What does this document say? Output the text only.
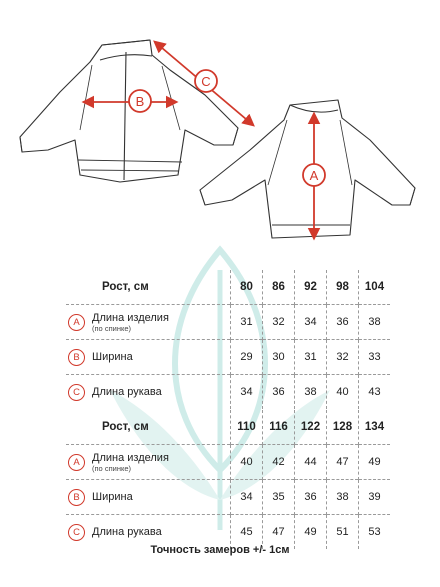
B
C
A
Рост, см	80	86	92	98	104
A Длина изделия
(по спинке)	31	32	34	36	38
B Ширина	29	30	31	32	33
C Длина рукава	34	36	38	40	43
Рост, см	110	116	122	128	134
A Длина изделия
(по спинке)	40	42	44	47	49
B Ширина	34	35	36	38	39
C Длина рукава	45	47	49	51	53
Точность замеров +/- 1см
